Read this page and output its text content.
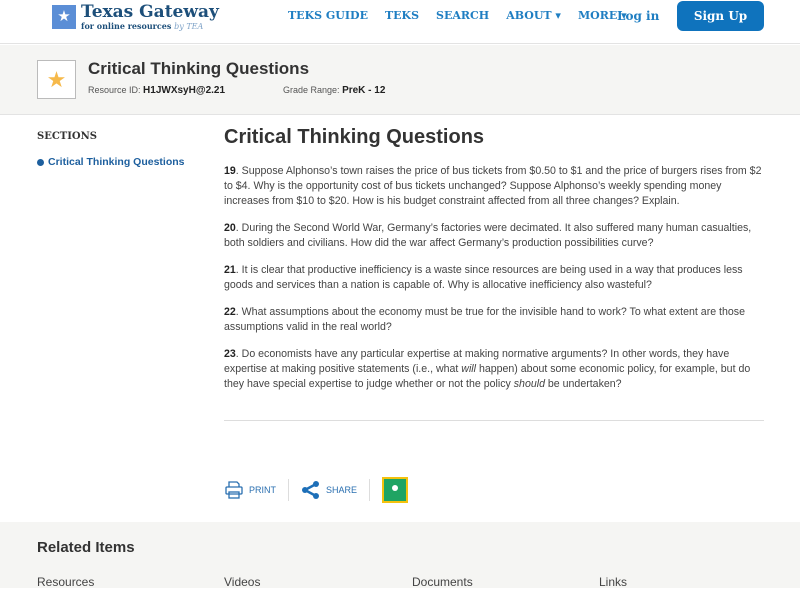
★ Texas Gateway
for online resources by TEA
TEKS GUIDE TEKS SEARCH ABOUT ▾ MORE ▾
Log in	Sign Up
★	Critical Thinking Questions
Resource ID: H1JWXsyH@2.21	Grade Range: PreK - 12
SECTIONS
Critical Thinking Questions
Critical Thinking Questions

19. Suppose Alphonso’s town raises the price of bus tickets from $0.50 to $1 and the price of burgers rises from $2 to $4. Why is the opportunity cost of bus tickets unchanged? Suppose Alphonso’s weekly spending money increases from $10 to $20. How is his budget constraint affected from all three changes? Explain.

20. During the Second World War, Germany’s factories were decimated. It also suffered many human casualties, both soldiers and civilians. How did the war affect Germany’s production possibilities curve?

21. It is clear that productive inefficiency is a waste since resources are being used in a way that produces less goods and services than a nation is capable of. Why is allocative inefficiency also wasteful?

22. What assumptions about the economy must be true for the invisible hand to work? To what extent are those assumptions valid in the real world?

23. Do economists have any particular expertise at making normative arguments? In other words, they have expertise at making positive statements (i.e., what will happen) about some economic policy, for example, but do they have special expertise to judge whether or not the policy should be undertaken?

PRINT	SHARE
Related Items
Resources	Videos	Documents	Links
